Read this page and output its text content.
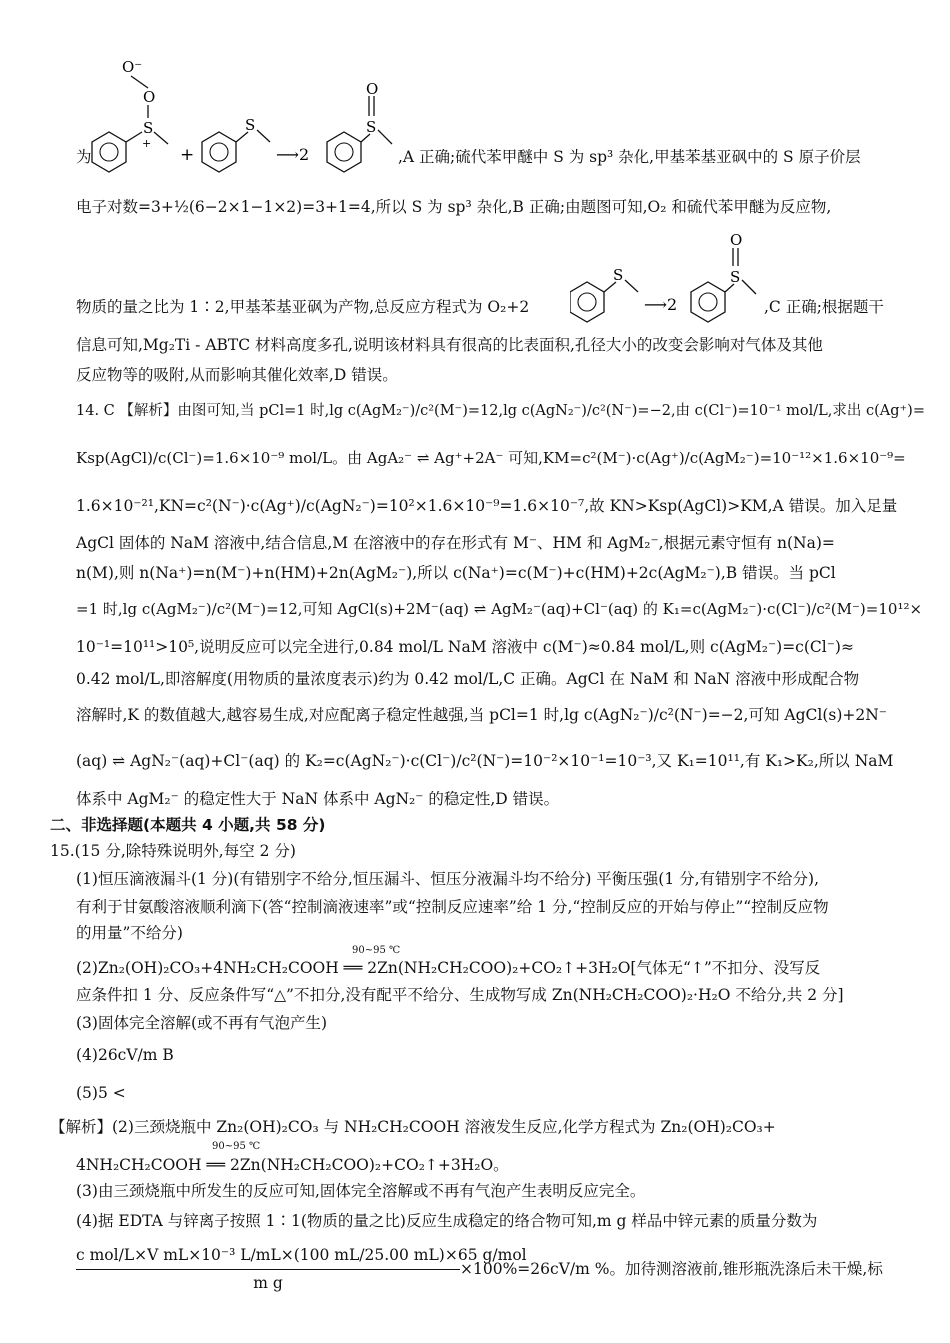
O⁻
O
S
+
+
S
⟶2
S
O
为	,A 正确;硫代苯甲醚中 S 为 sp³ 杂化,甲基苯基亚砜中的 S 原子价层
电子对数=3+½(6−2×1−1×2)=3+1=4,所以 S 为 sp³ 杂化,B 正确;由题图可知,O₂ 和硫代苯甲醚为反应物,
S
⟶2
S
O
物质的量之比为 1∶2,甲基苯基亚砜为产物,总反应方程式为 O₂+2	,C 正确;根据题干
信息可知,Mg₂Ti - ABTC 材料高度多孔,说明该材料具有很高的比表面积,孔径大小的改变会影响对气体及其他
反应物等的吸附,从而影响其催化效率,D 错误。
14. C 【解析】由图可知,当 pCl=1 时,lg c(AgM₂⁻)/c²(M⁻)=12,lg c(AgN₂⁻)/c²(N⁻)=−2,由 c(Cl⁻)=10⁻¹ mol/L,求出 c(Ag⁺)=
Ksp(AgCl)/c(Cl⁻)=1.6×10⁻⁹ mol/L。由 AgA₂⁻ ⇌ Ag⁺+2A⁻ 可知,KM=c²(M⁻)·c(Ag⁺)/c(AgM₂⁻)=10⁻¹²×1.6×10⁻⁹=
1.6×10⁻²¹,KN=c²(N⁻)·c(Ag⁺)/c(AgN₂⁻)=10²×1.6×10⁻⁹=1.6×10⁻⁷,故 KN>Ksp(AgCl)>KM,A 错误。加入足量
AgCl 固体的 NaM 溶液中,结合信息,M 在溶液中的存在形式有 M⁻、HM 和 AgM₂⁻,根据元素守恒有 n(Na)=
n(M),则 n(Na⁺)=n(M⁻)+n(HM)+2n(AgM₂⁻),所以 c(Na⁺)=c(M⁻)+c(HM)+2c(AgM₂⁻),B 错误。当 pCl
=1 时,lg c(AgM₂⁻)/c²(M⁻)=12,可知 AgCl(s)+2M⁻(aq) ⇌ AgM₂⁻(aq)+Cl⁻(aq) 的 K₁=c(AgM₂⁻)·c(Cl⁻)/c²(M⁻)=10¹²×
10⁻¹=10¹¹>10⁵,说明反应可以完全进行,0.84 mol/L NaM 溶液中 c(M⁻)≈0.84 mol/L,则 c(AgM₂⁻)=c(Cl⁻)≈
0.42 mol/L,即溶解度(用物质的量浓度表示)约为 0.42 mol/L,C 正确。AgCl 在 NaM 和 NaN 溶液中形成配合物
溶解时,K 的数值越大,越容易生成,对应配离子稳定性越强,当 pCl=1 时,lg c(AgN₂⁻)/c²(N⁻)=−2,可知 AgCl(s)+2N⁻
(aq) ⇌ AgN₂⁻(aq)+Cl⁻(aq) 的 K₂=c(AgN₂⁻)·c(Cl⁻)/c²(N⁻)=10⁻²×10⁻¹=10⁻³,又 K₁=10¹¹,有 K₁>K₂,所以 NaM
体系中 AgM₂⁻ 的稳定性大于 NaN 体系中 AgN₂⁻ 的稳定性,D 错误。
二、非选择题(本题共 4 小题,共 58 分)
15.(15 分,除特殊说明外,每空 2 分)
(1)恒压滴液漏斗(1 分)(有错别字不给分,恒压漏斗、恒压分液漏斗均不给分) 平衡压强(1 分,有错别字不给分),
有利于甘氨酸溶液顺利滴下(答“控制滴液速率”或“控制反应速率”给 1 分,“控制反应的开始与停止”“控制反应物
的用量”不给分)
(2)Zn₂(OH)₂CO₃+4NH₂CH₂COOH ══ 2Zn(NH₂CH₂COO)₂+CO₂↑+3H₂O[气体无“↑”不扣分、没写反
90~95 ℃
应条件扣 1 分、反应条件写“△”不扣分,没有配平不给分、生成物写成 Zn(NH₂CH₂COO)₂·H₂O 不给分,共 2 分]
(3)固体完全溶解(或不再有气泡产生)
(4)26cV/m B
(5)5 <
【解析】(2)三颈烧瓶中 Zn₂(OH)₂CO₃ 与 NH₂CH₂COOH 溶液发生反应,化学方程式为 Zn₂(OH)₂CO₃+
4NH₂CH₂COOH ══ 2Zn(NH₂CH₂COO)₂+CO₂↑+3H₂O。
90~95 ℃
(3)由三颈烧瓶中所发生的反应可知,固体完全溶解或不再有气泡产生表明反应完全。
(4)据 EDTA 与锌离子按照 1∶1(物质的量之比)反应生成稳定的络合物可知,m g 样品中锌元素的质量分数为
c mol/L×V mL×10⁻³ L/mL×(100 mL/25.00 mL)×65 g/mol
m g
×100%=26cV/m %。加待测溶液前,锥形瓶洗涤后未干燥,标
